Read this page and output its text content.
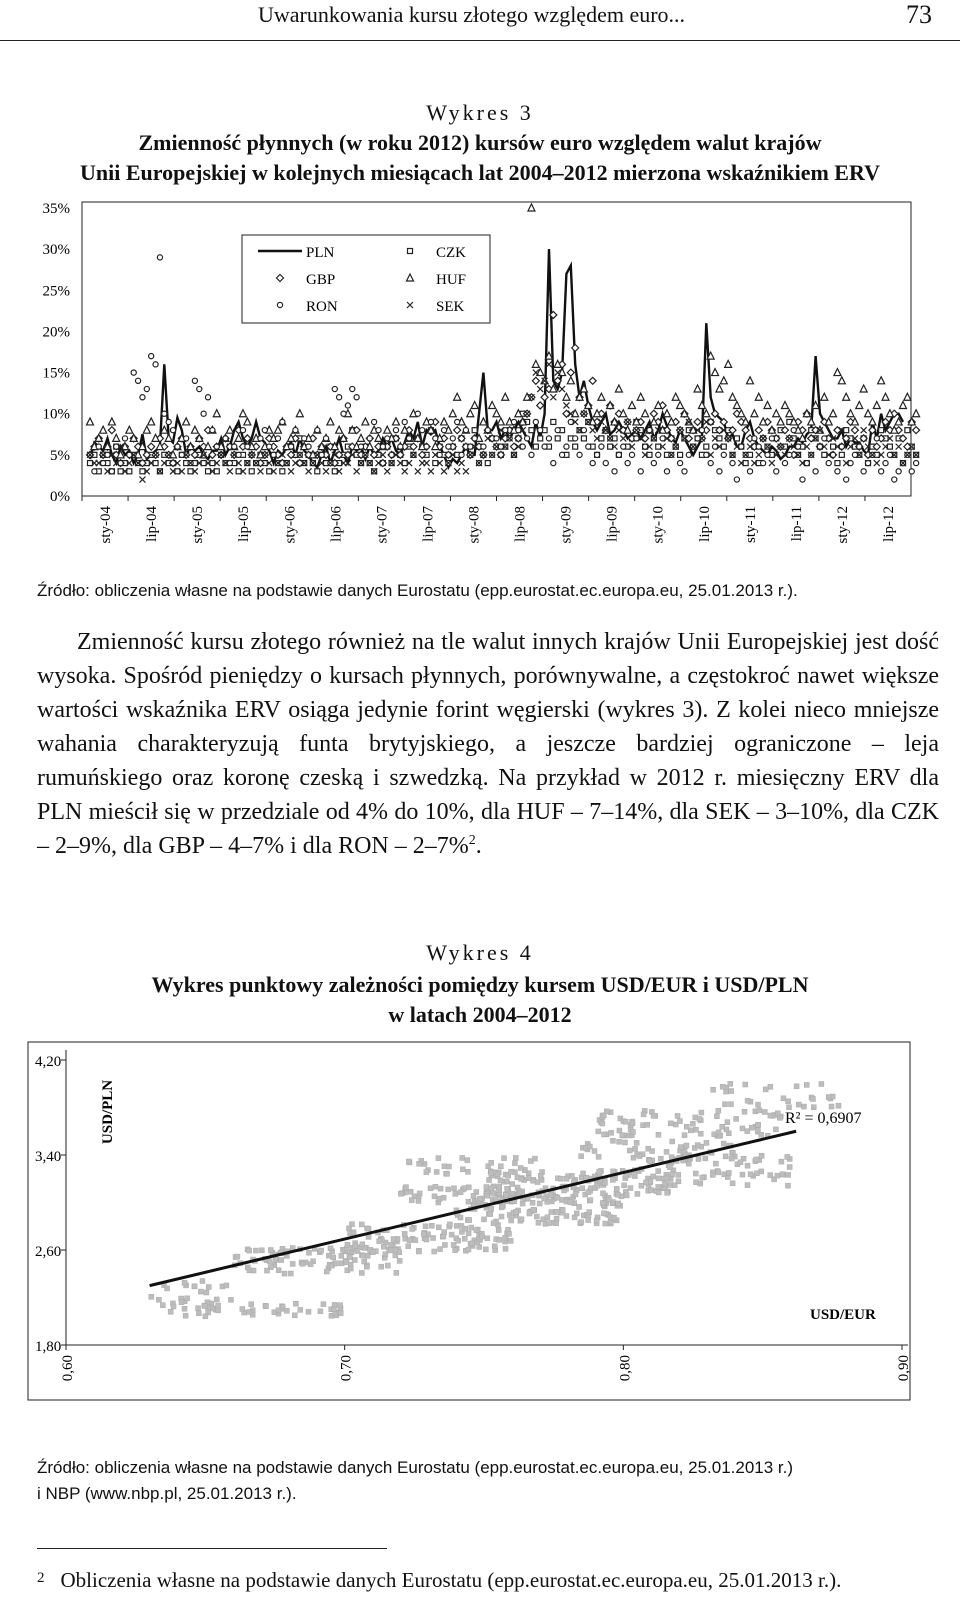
Uwarunkowania kursu złotego względem euro...	73
Wykres 3
Zmienność płynnych (w roku 2012) kursów euro względem walut krajów
Unii Europejskiej w kolejnych miesiącach lat 2004–2012 mierzona wskaźnikiem ERV
0%
5%
10%
15%
20%
25%
30%
35%
sty-04 lip-04 sty-05 lip-05 sty-06 lip-06 sty-07 lip-07 sty-08 lip-08 sty-09 lip-09 sty-10 lip-10 sty-11 lip-11 sty-12 lip-12
PLN	CZK
GBP	HUF
RON	SEK
Źródło: obliczenia własne na podstawie danych Eurostatu (epp.eurostat.ec.europa.eu, 25.01.2013 r.).

Zmienność kursu złotego również na tle walut innych krajów Unii Europejskiej jest dość wysoka. Spośród pieniędzy o kursach płynnych, porównywalne, a częstokroć nawet większe wartości wskaźnika ERV osiąga jedynie forint węgierski (wykres 3). Z kolei nieco mniejsze wahania charakteryzują funta brytyjskiego, a jeszcze bardziej ograniczone – leja rumuńskiego oraz koronę czeską i szwedzką. Na przykład w 2012 r. miesięczny ERV dla PLN mieścił się w przedziale od 4% do 10%, dla HUF – 7–14%, dla SEK – 3–10%, dla CZK – 2–9%, dla GBP – 4–7% i dla RON – 2–7%$^2$.

Wykres 4
Wykres punktowy zależności pomiędzy kursem USD/EUR i USD/PLN
w latach 2004–2012
1,80
2,60
3,40
4,20
0,60	0,70	0,80	0,90
USD/PLN
USD/EUR
R² = 0,6907
Źródło: obliczenia własne na podstawie danych Eurostatu (epp.eurostat.ec.europa.eu, 25.01.2013 r.)
i NBP (www.nbp.pl, 25.01.2013 r.).
$^2$ Obliczenia własne na podstawie danych Eurostatu (epp.eurostat.ec.europa.eu, 25.01.2013 r.).
